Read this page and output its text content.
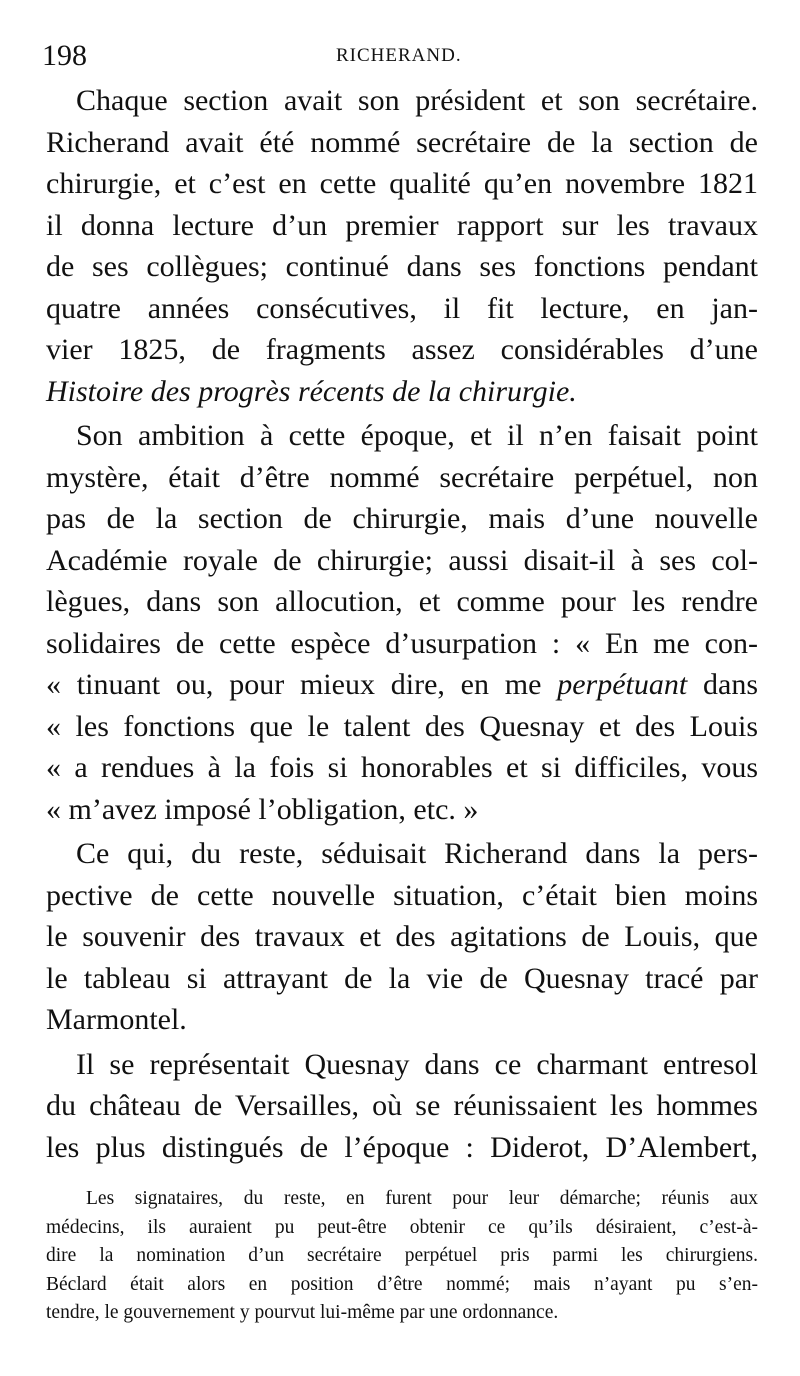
198	RICHERAND.
Chaque section avait son président et son secrétaire.
Richerand avait été nommé secrétaire de la section de
chirurgie, et c’est en cette qualité qu’en novembre 1821
il donna lecture d’un premier rapport sur les travaux
de ses collègues; continué dans ses fonctions pendant
quatre années consécutives, il fit lecture, en jan-
vier 1825, de fragments assez considérables d’une
Histoire des progrès récents de la chirurgie.
Son ambition à cette époque, et il n’en faisait point
mystère, était d’être nommé secrétaire perpétuel, non
pas de la section de chirurgie, mais d’une nouvelle
Académie royale de chirurgie; aussi disait-il à ses col-
lègues, dans son allocution, et comme pour les rendre
solidaires de cette espèce d’usurpation : « En me con-
« tinuant ou, pour mieux dire, en me perpétuant dans
« les fonctions que le talent des Quesnay et des Louis
« a rendues à la fois si honorables et si difficiles, vous
« m’avez imposé l’obligation, etc. »
Ce qui, du reste, séduisait Richerand dans la pers-
pective de cette nouvelle situation, c’était bien moins
le souvenir des travaux et des agitations de Louis, que
le tableau si attrayant de la vie de Quesnay tracé par
Marmontel.
Il se représentait Quesnay dans ce charmant entresol
du château de Versailles, où se réunissaient les hommes
les plus distingués de l’époque : Diderot, D’Alembert,
Les signataires, du reste, en furent pour leur démarche; réunis aux
médecins, ils auraient pu peut-être obtenir ce qu’ils désiraient, c’est-à-
dire la nomination d’un secrétaire perpétuel pris parmi les chirurgiens.
Béclard était alors en position d’être nommé; mais n’ayant pu s’en-
tendre, le gouvernement y pourvut lui-même par une ordonnance.
